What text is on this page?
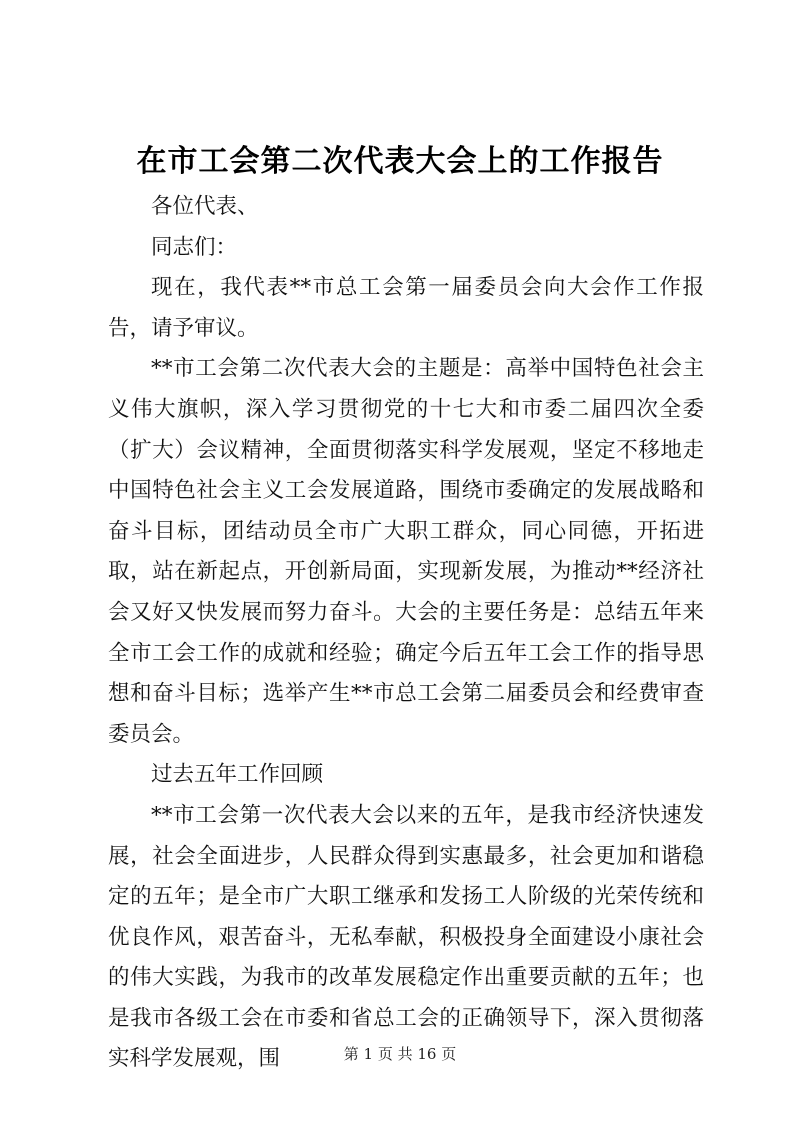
在市工会第二次代表大会上的工作报告

各位代表、

同志们：

现在，我代表**市总工会第一届委员会向大会作工作报告，请予审议。

**市工会第二次代表大会的主题是：高举中国特色社会主义伟大旗帜，深入学习贯彻党的十七大和市委二届四次全委（扩大）会议精神，全面贯彻落实科学发展观，坚定不移地走中国特色社会主义工会发展道路，围绕市委确定的发展战略和奋斗目标，团结动员全市广大职工群众，同心同德，开拓进取，站在新起点，开创新局面，实现新发展，为推动**经济社会又好又快发展而努力奋斗。大会的主要任务是：总结五年来全市工会工作的成就和经验；确定今后五年工会工作的指导思想和奋斗目标；选举产生**市总工会第二届委员会和经费审查委员会。

过去五年工作回顾

**市工会第一次代表大会以来的五年，是我市经济快速发展，社会全面进步，人民群众得到实惠最多，社会更加和谐稳定的五年；是全市广大职工继承和发扬工人阶级的光荣传统和优良作风，艰苦奋斗，无私奉献，积极投身全面建设小康社会的伟大实践，为我市的改革发展稳定作出重要贡献的五年；也是我市各级工会在市委和省总工会的正确领导下，深入贯彻落实科学发展观，围	第 1 页 共 16 页
